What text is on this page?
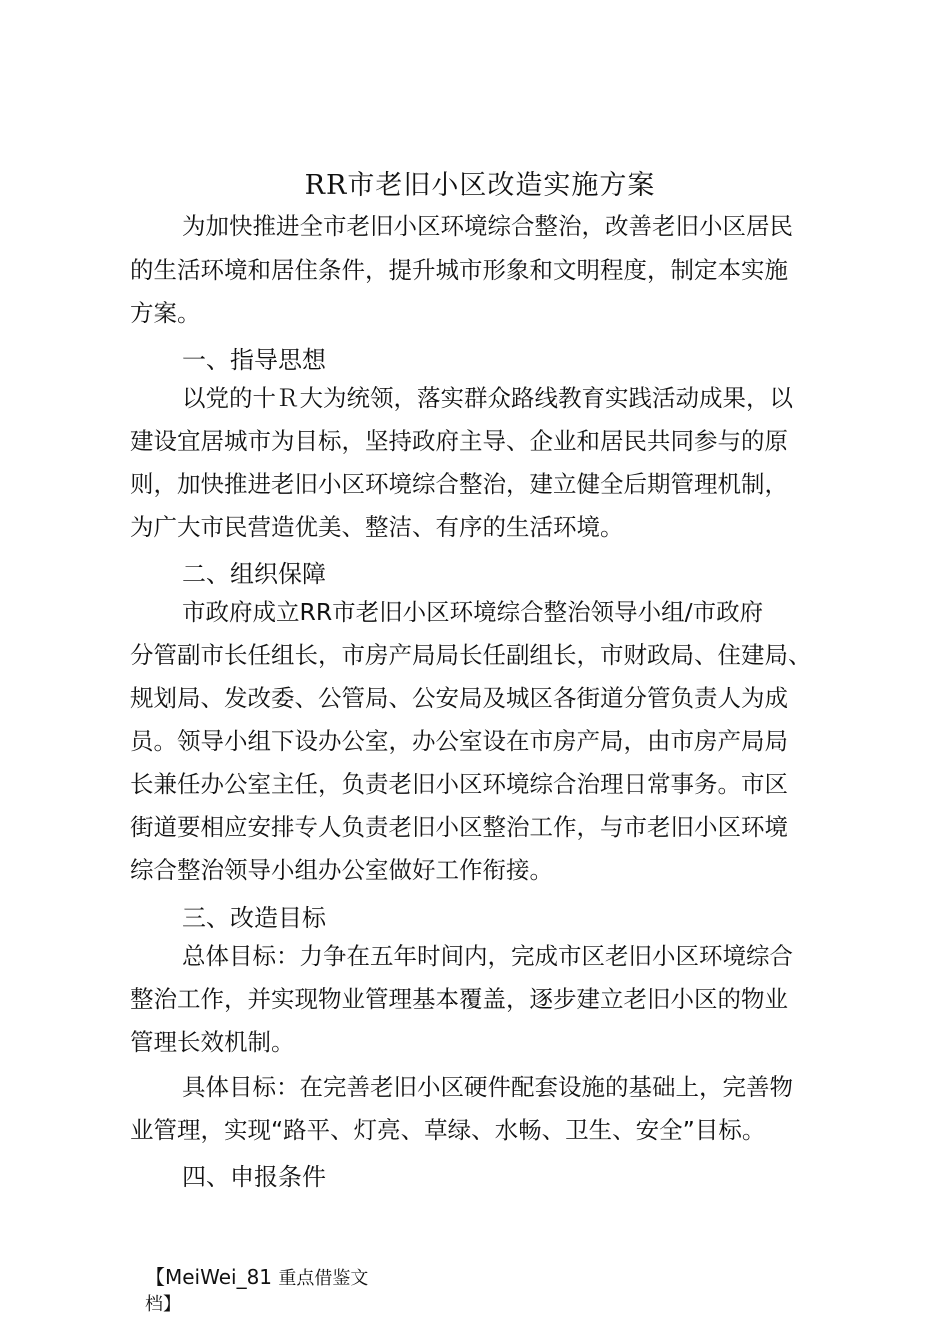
RR市老旧小区改造实施方案
为加快推进全市老旧小区环境综合整治，改善老旧小区居民
的生活环境和居住条件，提升城市形象和文明程度，制定本实施
方案。
一、指导思想
以党的十Ｒ大为统领，落实群众路线教育实践活动成果，以
建设宜居城市为目标，坚持政府主导、企业和居民共同参与的原
则，加快推进老旧小区环境综合整治，建立健全后期管理机制，
为广大市民营造优美、整洁、有序的生活环境。
二、组织保障
市政府成立RR市老旧小区环境综合整治领导小组/市政府
分管副市长任组长，市房产局局长任副组长，市财政局、住建局、
规划局、发改委、公管局、公安局及城区各街道分管负责人为成
员。领导小组下设办公室，办公室设在市房产局，由市房产局局
长兼任办公室主任，负责老旧小区环境综合治理日常事务。市区
街道要相应安排专人负责老旧小区整治工作，与市老旧小区环境
综合整治领导小组办公室做好工作衔接。
三、改造目标
总体目标：力争在五年时间内，完成市区老旧小区环境综合
整治工作，并实现物业管理基本覆盖，逐步建立老旧小区的物业
管理长效机制。
具体目标：在完善老旧小区硬件配套设施的基础上，完善物
业管理，实现“路平、灯亮、草绿、水畅、卫生、安全”目标。
四、申报条件
【MeiWei_81 重点借鉴文
档】
